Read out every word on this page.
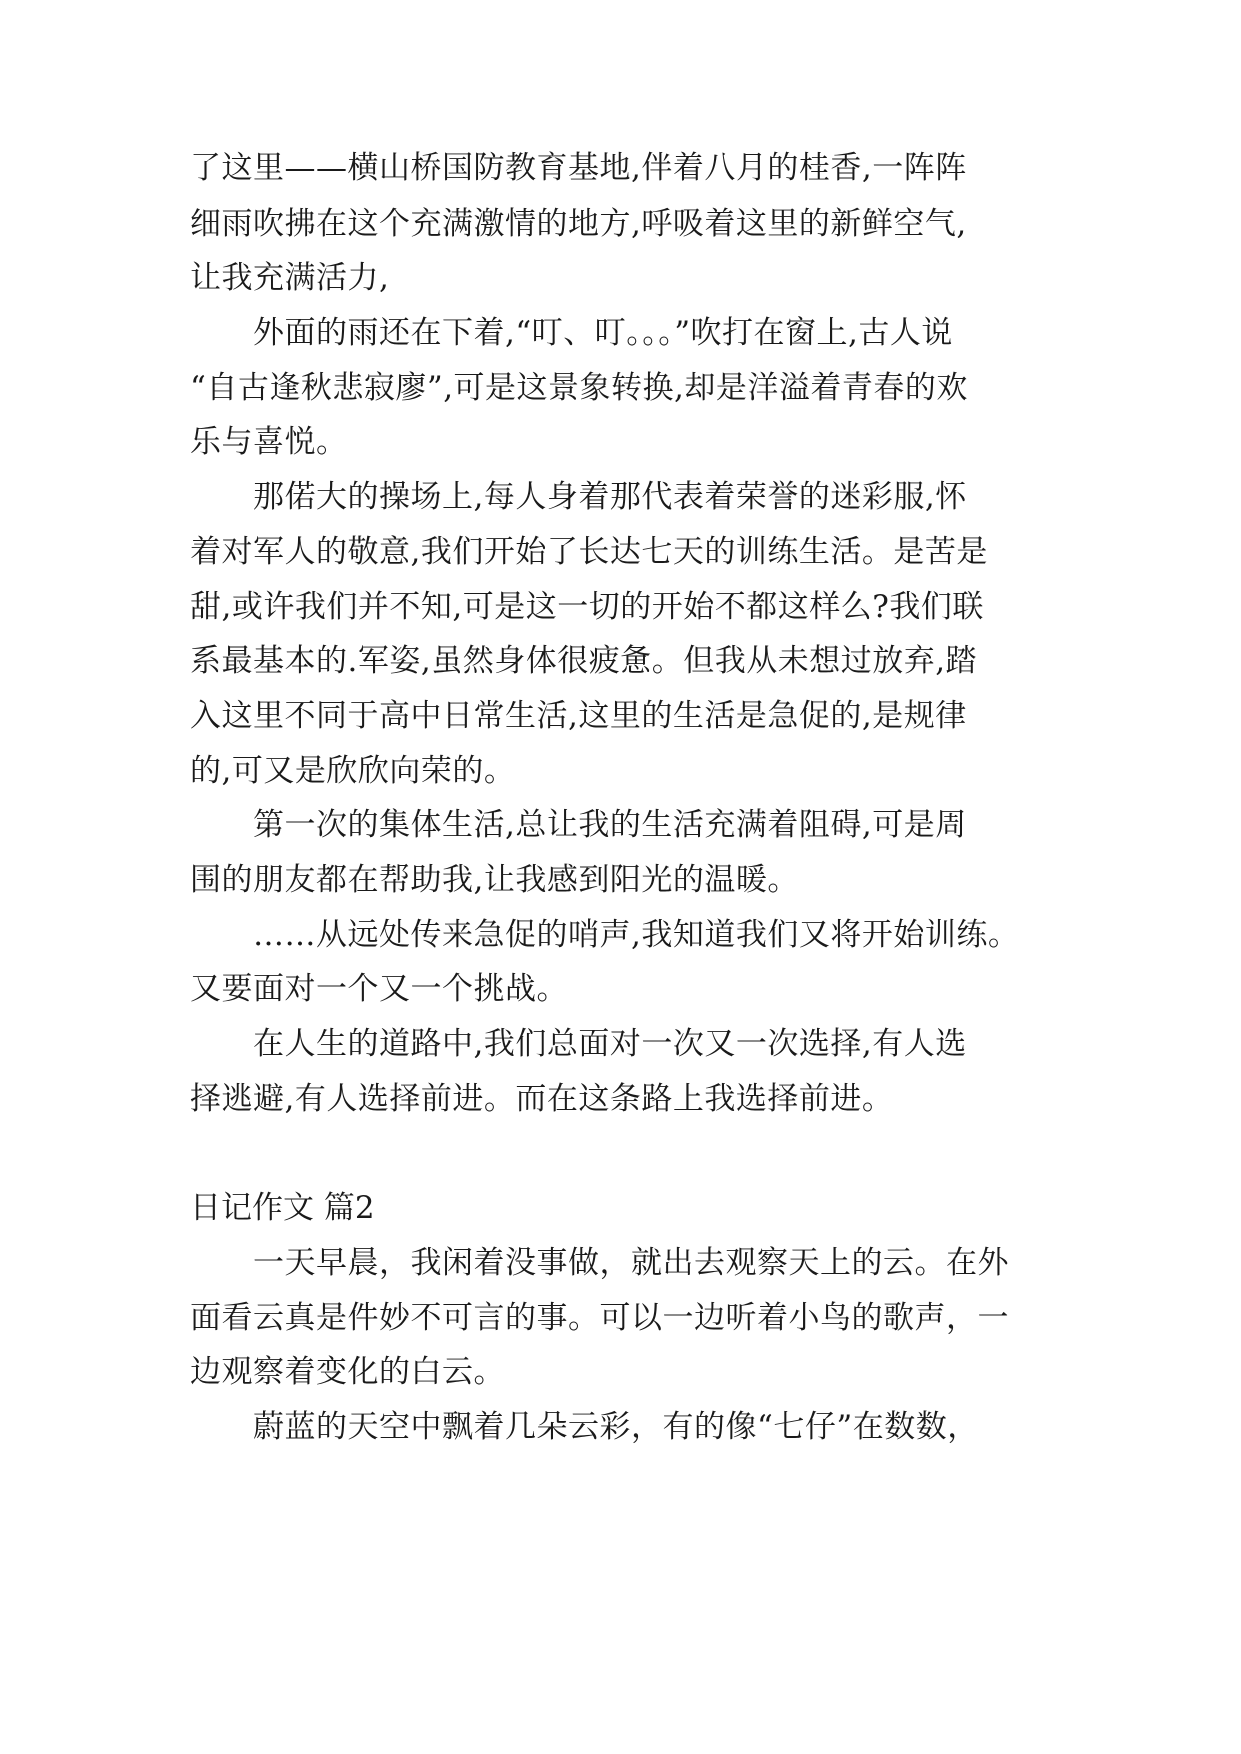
了这里——横山桥国防教育基地,伴着八月的桂香,一阵阵
细雨吹拂在这个充满激情的地方,呼吸着这里的新鲜空气,
让我充满活力,
外面的雨还在下着,“叮、叮。。。”吹打在窗上,古人说
“自古逢秋悲寂廖”,可是这景象转换,却是洋溢着青春的欢
乐与喜悦。
那偌大的操场上,每人身着那代表着荣誉的迷彩服,怀
着对军人的敬意,我们开始了长达七天的训练生活。是苦是
甜,或许我们并不知,可是这一切的开始不都这样么?我们联
系最基本的.军姿,虽然身体很疲惫。但我从未想过放弃,踏
入这里不同于高中日常生活,这里的生活是急促的,是规律
的,可又是欣欣向荣的。
第一次的集体生活,总让我的生活充满着阻碍,可是周
围的朋友都在帮助我,让我感到阳光的温暖。
……从远处传来急促的哨声,我知道我们又将开始训练。
又要面对一个又一个挑战。
在人生的道路中,我们总面对一次又一次选择,有人选
择逃避,有人选择前进。而在这条路上我选择前进。
日记作文 篇2
一天早晨，我闲着没事做，就出去观察天上的云。在外
面看云真是件妙不可言的事。可以一边听着小鸟的歌声，一
边观察着变化的白云。
蔚蓝的天空中飘着几朵云彩，有的像“七仔”在数数，
